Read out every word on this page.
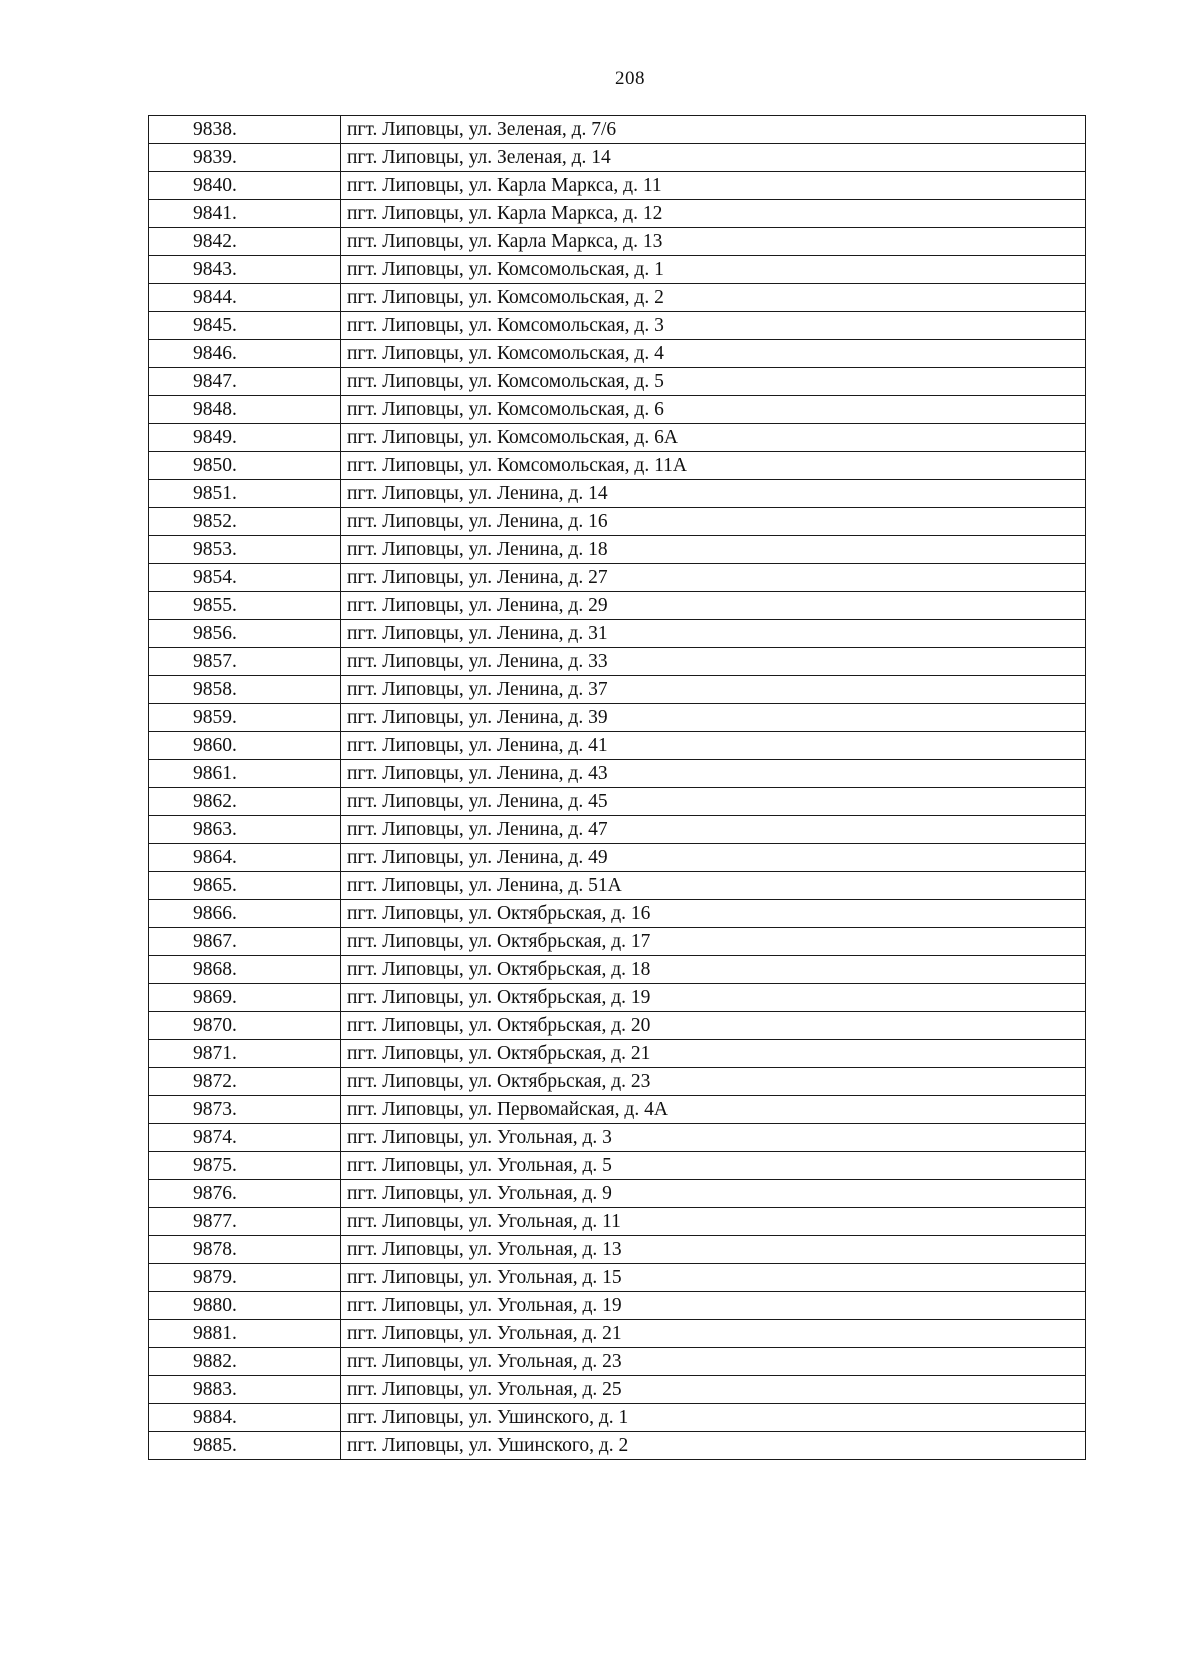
208
9838.	пгт. Липовцы, ул. Зеленая, д. 7/6
9839.	пгт. Липовцы, ул. Зеленая, д. 14
9840.	пгт. Липовцы, ул. Карла Маркса, д. 11
9841.	пгт. Липовцы, ул. Карла Маркса, д. 12
9842.	пгт. Липовцы, ул. Карла Маркса, д. 13
9843.	пгт. Липовцы, ул. Комсомольская, д. 1
9844.	пгт. Липовцы, ул. Комсомольская, д. 2
9845.	пгт. Липовцы, ул. Комсомольская, д. 3
9846.	пгт. Липовцы, ул. Комсомольская, д. 4
9847.	пгт. Липовцы, ул. Комсомольская, д. 5
9848.	пгт. Липовцы, ул. Комсомольская, д. 6
9849.	пгт. Липовцы, ул. Комсомольская, д. 6А
9850.	пгт. Липовцы, ул. Комсомольская, д. 11А
9851.	пгт. Липовцы, ул. Ленина, д. 14
9852.	пгт. Липовцы, ул. Ленина, д. 16
9853.	пгт. Липовцы, ул. Ленина, д. 18
9854.	пгт. Липовцы, ул. Ленина, д. 27
9855.	пгт. Липовцы, ул. Ленина, д. 29
9856.	пгт. Липовцы, ул. Ленина, д. 31
9857.	пгт. Липовцы, ул. Ленина, д. 33
9858.	пгт. Липовцы, ул. Ленина, д. 37
9859.	пгт. Липовцы, ул. Ленина, д. 39
9860.	пгт. Липовцы, ул. Ленина, д. 41
9861.	пгт. Липовцы, ул. Ленина, д. 43
9862.	пгт. Липовцы, ул. Ленина, д. 45
9863.	пгт. Липовцы, ул. Ленина, д. 47
9864.	пгт. Липовцы, ул. Ленина, д. 49
9865.	пгт. Липовцы, ул. Ленина, д. 51А
9866.	пгт. Липовцы, ул. Октябрьская, д. 16
9867.	пгт. Липовцы, ул. Октябрьская, д. 17
9868.	пгт. Липовцы, ул. Октябрьская, д. 18
9869.	пгт. Липовцы, ул. Октябрьская, д. 19
9870.	пгт. Липовцы, ул. Октябрьская, д. 20
9871.	пгт. Липовцы, ул. Октябрьская, д. 21
9872.	пгт. Липовцы, ул. Октябрьская, д. 23
9873.	пгт. Липовцы, ул. Первомайская, д. 4А
9874.	пгт. Липовцы, ул. Угольная, д. 3
9875.	пгт. Липовцы, ул. Угольная, д. 5
9876.	пгт. Липовцы, ул. Угольная, д. 9
9877.	пгт. Липовцы, ул. Угольная, д. 11
9878.	пгт. Липовцы, ул. Угольная, д. 13
9879.	пгт. Липовцы, ул. Угольная, д. 15
9880.	пгт. Липовцы, ул. Угольная, д. 19
9881.	пгт. Липовцы, ул. Угольная, д. 21
9882.	пгт. Липовцы, ул. Угольная, д. 23
9883.	пгт. Липовцы, ул. Угольная, д. 25
9884.	пгт. Липовцы, ул. Ушинского, д. 1
9885.	пгт. Липовцы, ул. Ушинского, д. 2
